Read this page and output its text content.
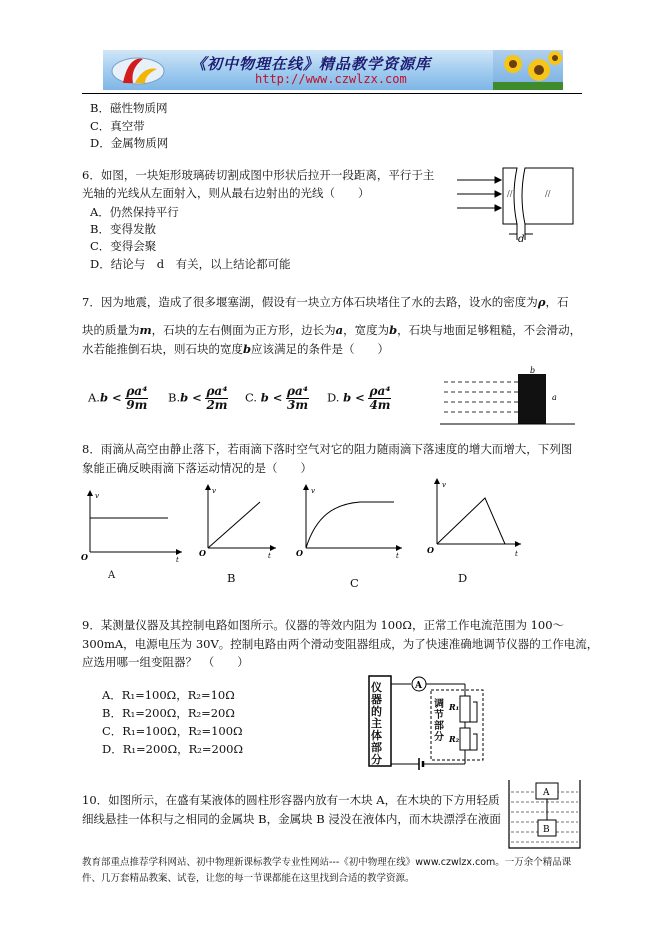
《初中物理在线》精品教学资源库
http://www.czwlzx.com
B．磁性物质网
C．真空带
D．金属物质网
6．如图，一块矩形玻璃砖切割成图中形状后拉开一段距离，平行于主
光轴的光线从左面射入，则从最右边射出的光线（　　）
A．仍然保持平行
B．变得发散
C．变得会聚
D．结论与　d　有关，以上结论都可能
//	//
d
7．因为地震，造成了很多堰塞湖，假设有一块立方体石块堵住了水的去路，设水的密度为ρ，石
块的质量为m，石块的左右侧面为正方形，边长为a，宽度为b，石块与地面足够粗糙，不会滑动，
水若能推倒石块，则石块的宽度b应该满足的条件是（　　）
$A.b < \frac{\text{ρa⁴}}{9m} B.b < \frac{\text{ρa⁴}}{2m} C$. $b < \frac{\text{ρa⁴}}{3m} D$. $b < \frac{\text{ρa⁴}}{4m}$
b
a
8．雨滴从高空由静止落下，若雨滴下落时空气对它的阻力随雨滴下落速度的增大而增大，下列图
象能正确反映雨滴下落运动情况的是（　　）
v
t
O
v
t
O
v
t
O
v
t
O
A	B	C	D
9．某测量仪器及其控制电路如图所示。仪器的等效内阻为 100Ω，正常工作电流范围为 100～
300mA，电源电压为 30V。控制电路由两个滑动变阻器组成，为了快速准确地调节仪器的工作电流，
应选用哪一组变阻器？　（　　）
A．R₁=100Ω，R₂=10Ω
B．R₁=200Ω，R₂=20Ω
C．R₁=100Ω，R₂=100Ω
D．R₁=200Ω，R₂=200Ω
A
R₁
R₂
仪器的主体部分
调节部分
10．如图所示，在盛有某液体的圆柱形容器内放有一木块 A，在木块的下方用轻质
细线悬挂一体积与之相同的金属块 B，金属块 B 浸没在液体内，而木块漂浮在液面
A
B
教育部重点推荐学科网站、初中物理新课标教学专业性网站---《初中物理在线》www.czwlzx.com。一万余个精品课
件、几万套精品教案、试卷，让您的每一节课都能在这里找到合适的教学资源。
